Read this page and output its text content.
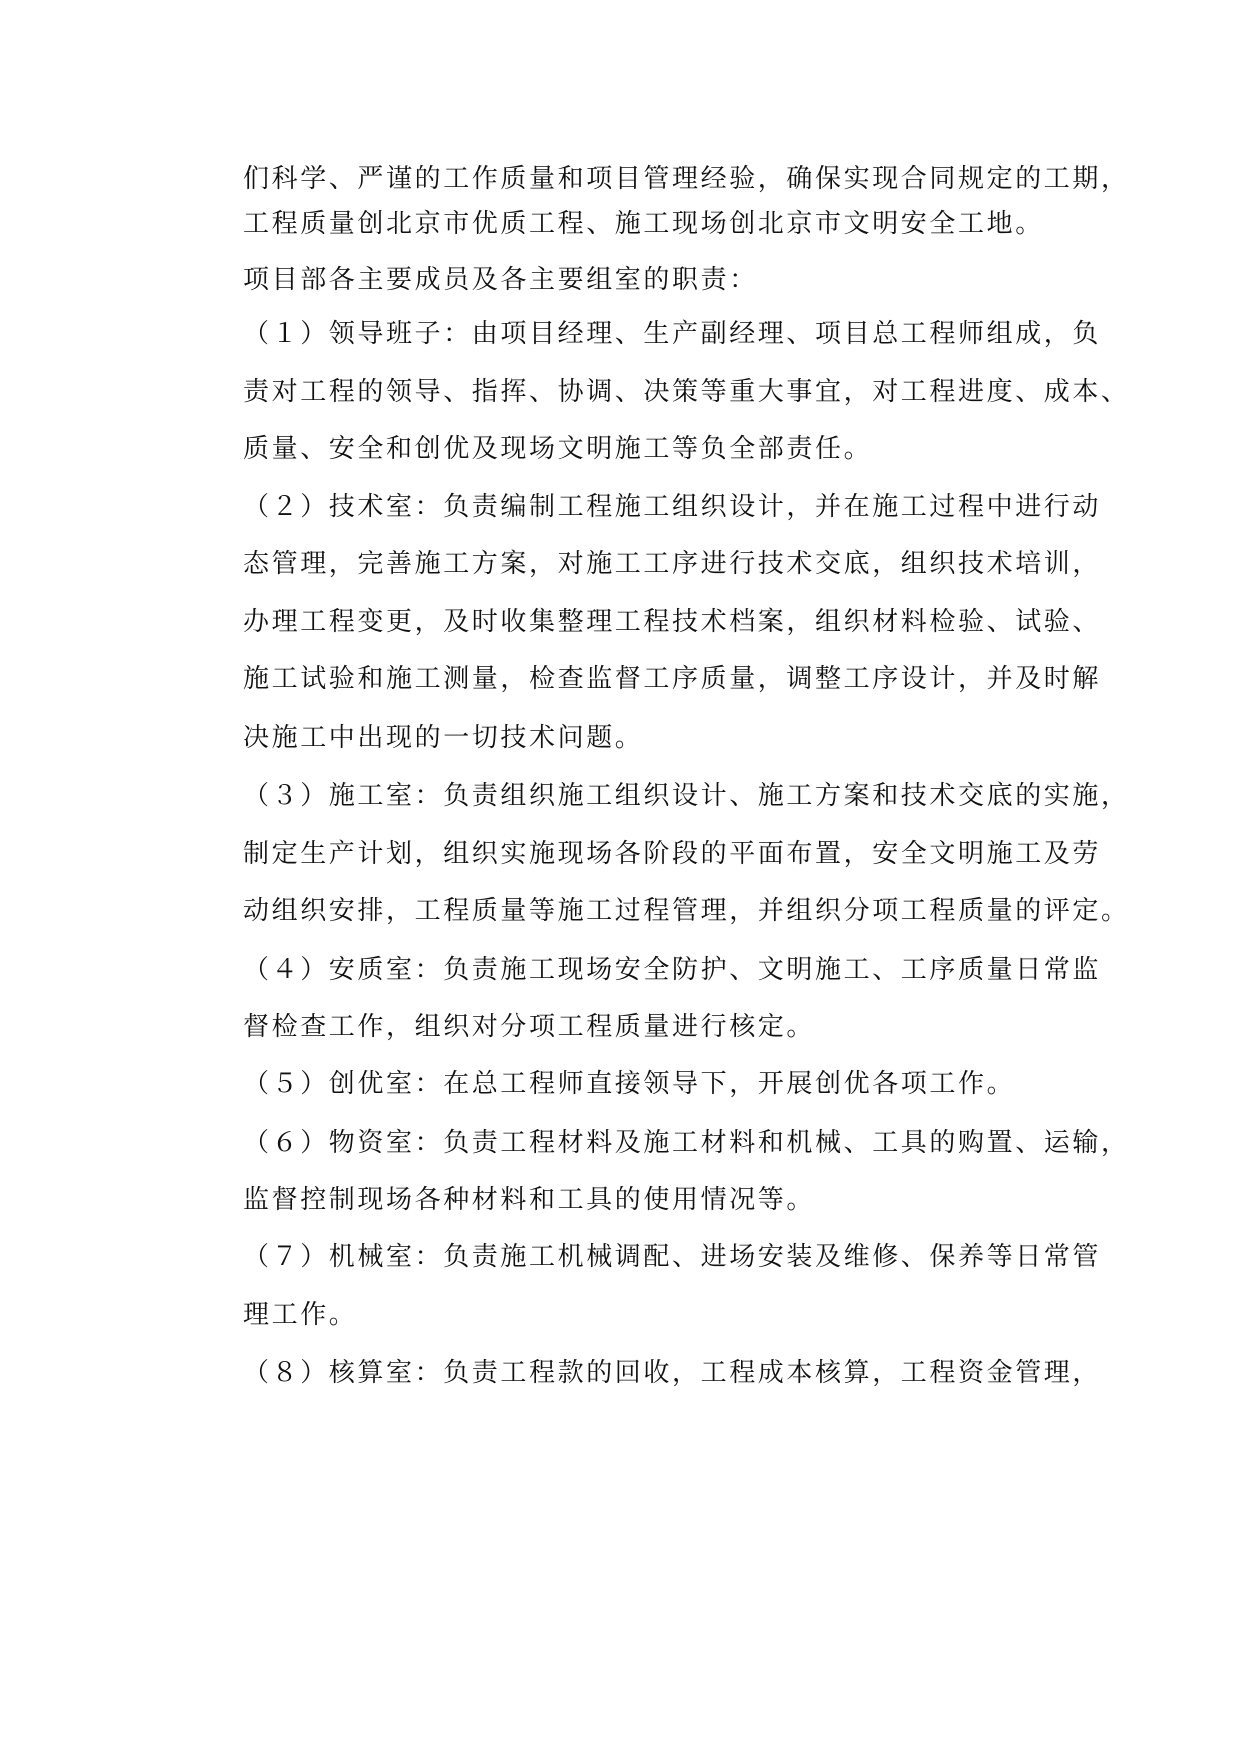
们科学、严谨的工作质量和项目管理经验，确保实现合同规定的工期，
工程质量创北京市优质工程、施工现场创北京市文明安全工地。
项目部各主要成员及各主要组室的职责：
（１）领导班子：由项目经理、生产副经理、项目总工程师组成，负
责对工程的领导、指挥、协调、决策等重大事宜，对工程进度、成本、
质量、安全和创优及现场文明施工等负全部责任。
（２）技术室：负责编制工程施工组织设计，并在施工过程中进行动
态管理，完善施工方案，对施工工序进行技术交底，组织技术培训，
办理工程变更，及时收集整理工程技术档案，组织材料检验、试验、
施工试验和施工测量，检查监督工序质量，调整工序设计，并及时解
决施工中出现的一切技术问题。
（３）施工室：负责组织施工组织设计、施工方案和技术交底的实施，
制定生产计划，组织实施现场各阶段的平面布置，安全文明施工及劳
动组织安排，工程质量等施工过程管理，并组织分项工程质量的评定。
（４）安质室：负责施工现场安全防护、文明施工、工序质量日常监
督检查工作，组织对分项工程质量进行核定。
（５）创优室：在总工程师直接领导下，开展创优各项工作。
（６）物资室：负责工程材料及施工材料和机械、工具的购置、运输，
监督控制现场各种材料和工具的使用情况等。
（７）机械室：负责施工机械调配、进场安装及维修、保养等日常管
理工作。
（８）核算室：负责工程款的回收，工程成本核算，工程资金管理，
